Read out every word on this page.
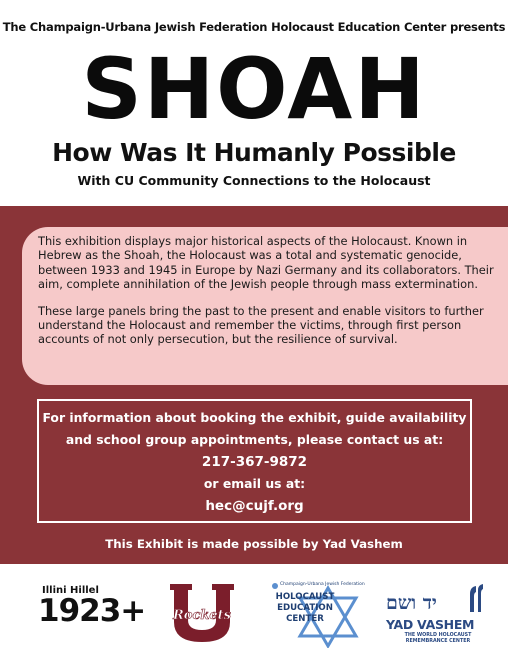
The Champaign-Urbana Jewish Federation Holocaust Education Center presents
SHOAH
How Was It Humanly Possible
With CU Community Connections to the Holocaust

This exhibition displays major historical aspects of the Holocaust. Known in Hebrew as the Shoah, the Holocaust was a total and systematic genocide, between 1933 and 1945 in Europe by Nazi Germany and its collaborators. Their aim, complete annihilation of the Jewish people through mass extermination.

These large panels bring the past to the present and enable visitors to further understand the Holocaust and remember the victims, through first person accounts of not only persecution, but the resilience of survival.

For information about booking the exhibit, guide availability
and school group appointments, please contact us at:
217-367-9872
or email us at:
hec@cujf.org
This Exhibit is made possible by Yad Vashem
Illini Hillel
1923+ Rockets
Champaign-Urbana Jewish Federation
HOLOCAUST
EDUCATION
CENTER
יד ושם
YAD VASHEM
THE WORLD HOLOCAUST
REMEMBRANCE CENTER
